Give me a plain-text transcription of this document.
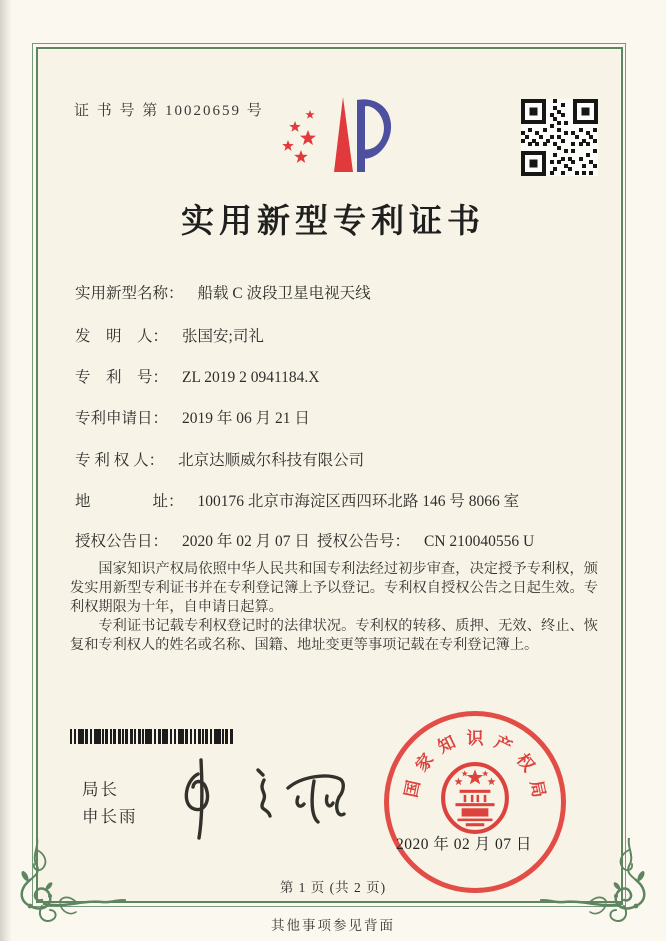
证 书 号 第 10020659 号
实用新型专利证书
实用新型名称： 船载 C 波段卫星电视天线
发　明　人： 张国安;司礼
专　利　号： ZL 2019 2 0941184.X
专利申请日： 2019 年 06 月 21 日
专 利 权 人： 北京达顺威尔科技有限公司
地　　　　址： 100176 北京市海淀区西四环北路 146 号 8066 室
授权公告日： 2020 年 02 月 07 日 授权公告号： CN 210040556 U

国家知识产权局依照中华人民共和国专利法经过初步审查，决定授予专利权，颁发实用新型专利证书并在专利登记簿上予以登记。专利权自授权公告之日起生效。专利权期限为十年，自申请日起算。

专利证书记载专利权登记时的法律状况。专利权的转移、质押、无效、终止、恢复和专利权人的姓名或名称、国籍、地址变更等事项记载在专利登记簿上。

局长
申长雨
国
家
知 识 产
权
局
2020 年 02 月 07 日
第 1 页 (共 2 页)
其他事项参见背面
